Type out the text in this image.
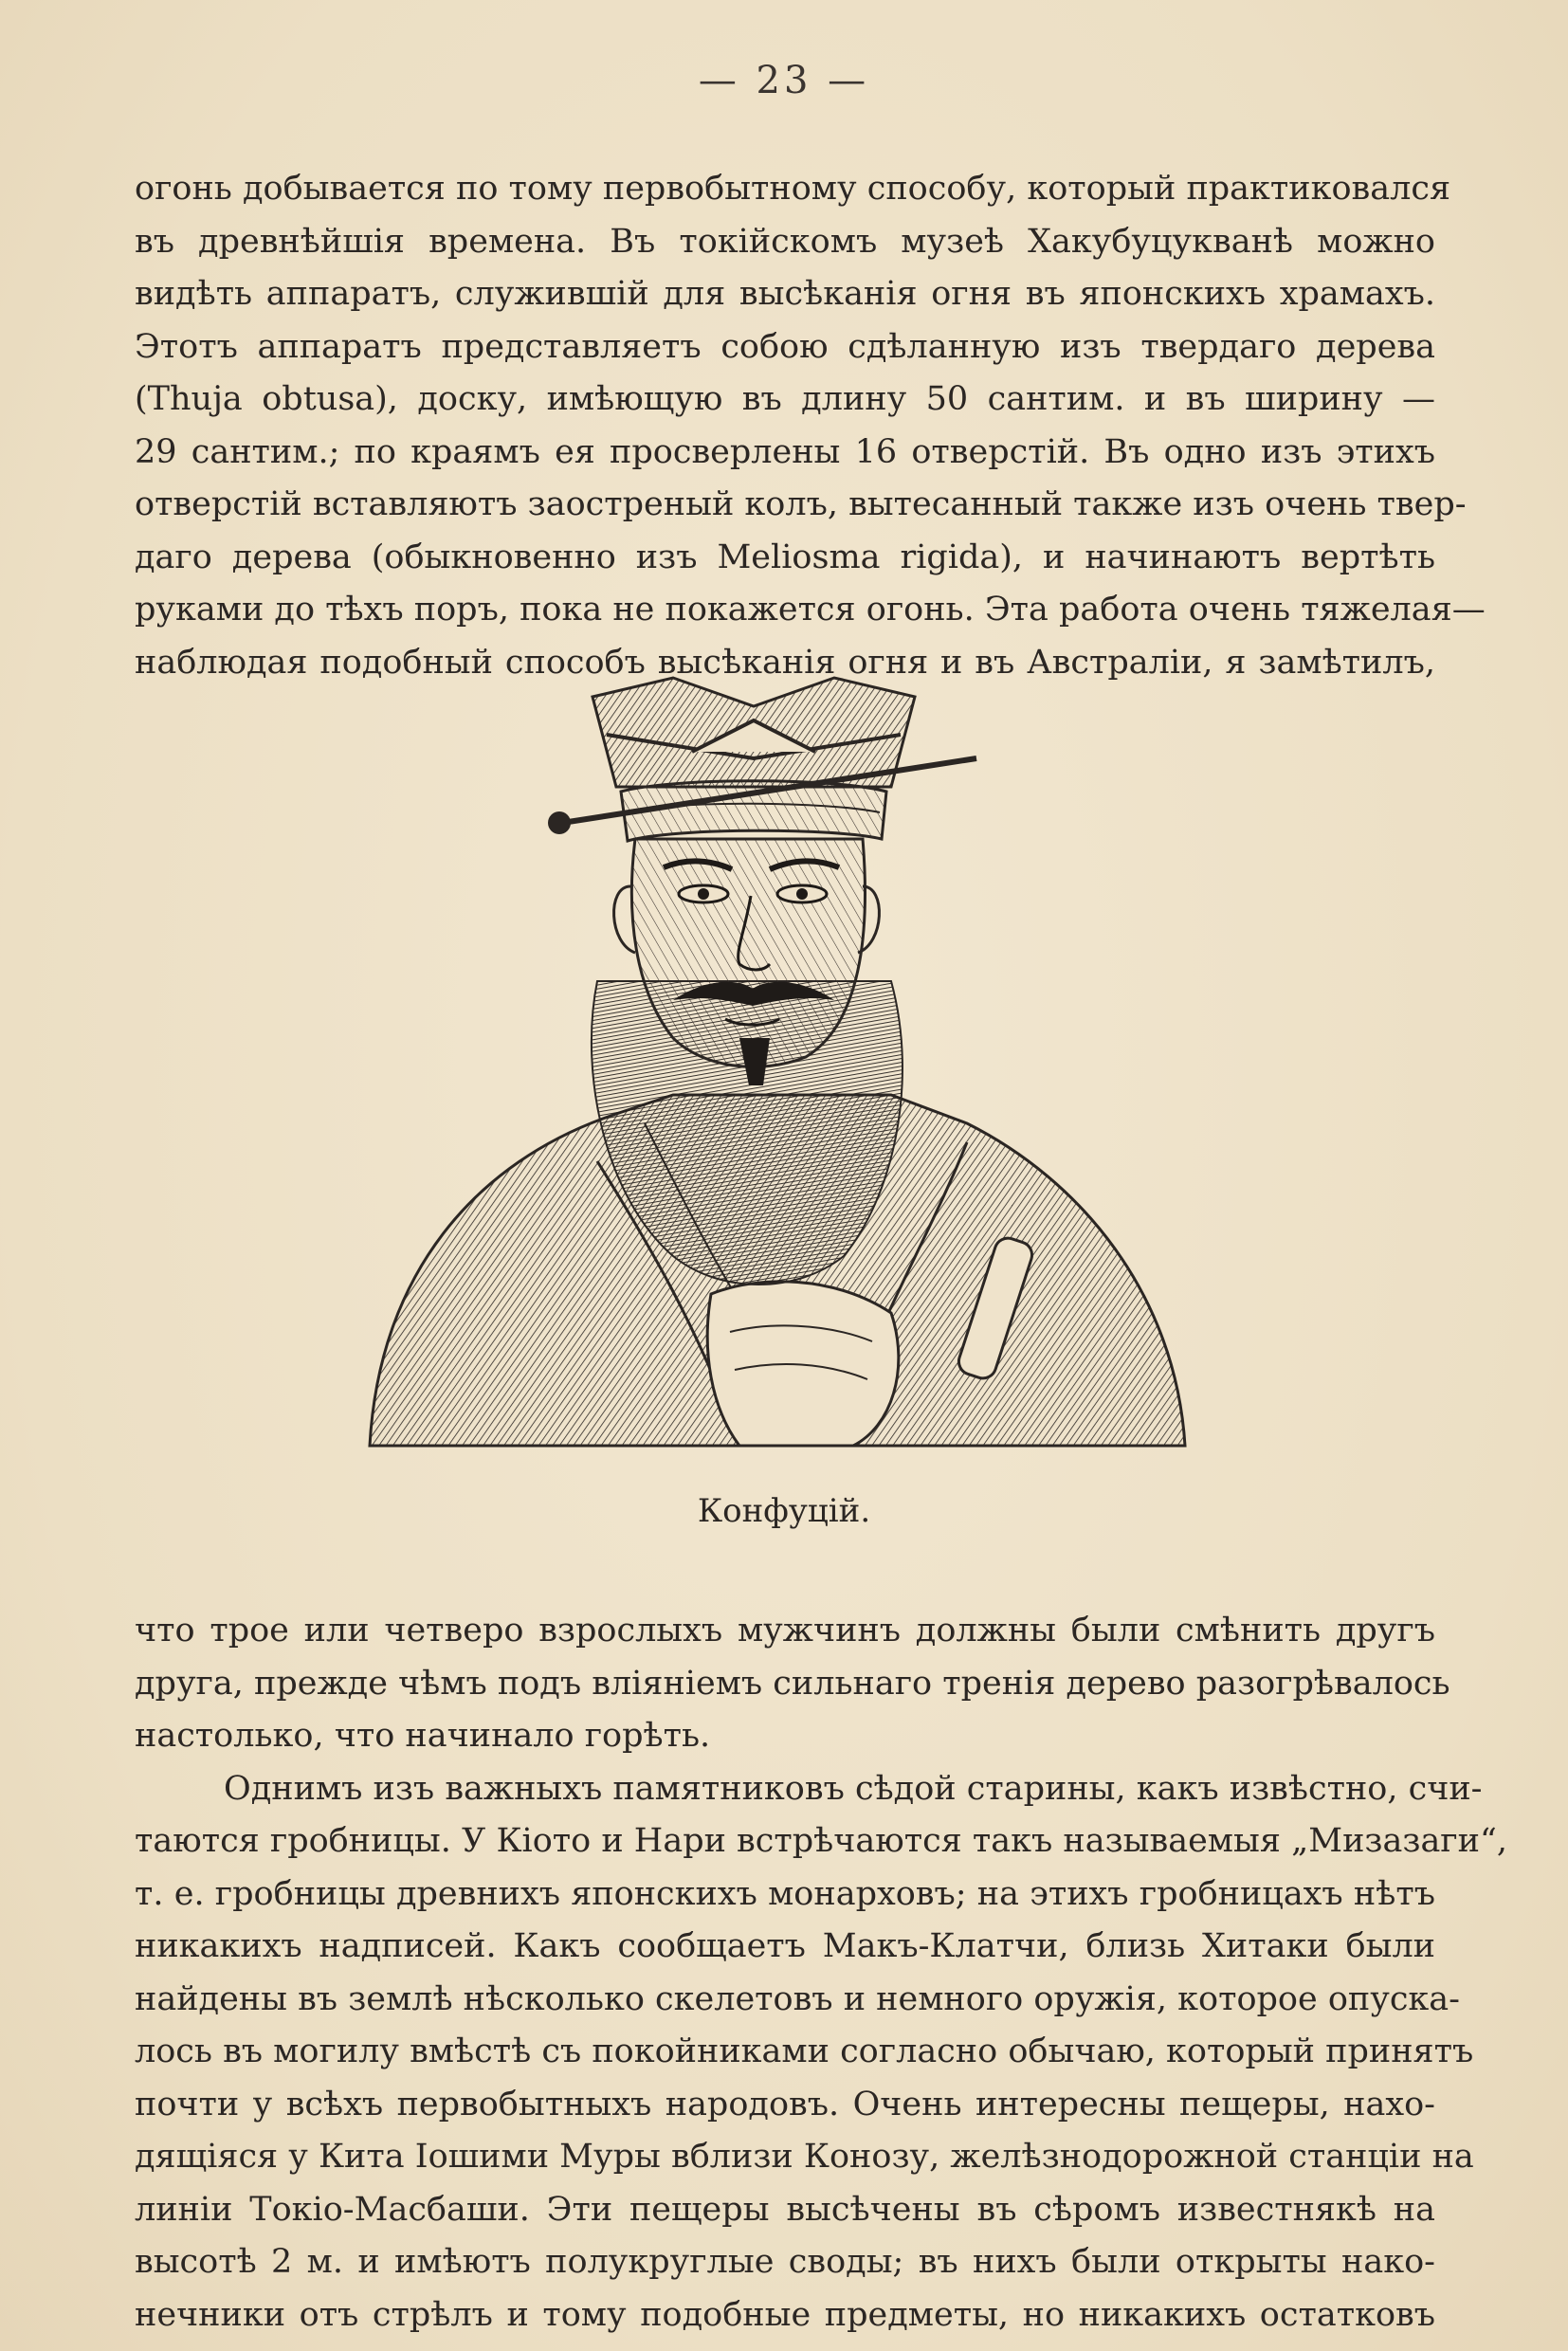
— 23 —

огонь добывается по тому первобытному способу, который практиковался
въ древнѣйшія времена. Въ токійскомъ музеѣ Хакубуцукванѣ можно
видѣть аппаратъ, служившій для высѣканія огня въ японскихъ храмахъ.
Этотъ аппаратъ представляетъ собою сдѣланную изъ твердаго дерева
(Thuja obtusa), доску, имѣющую въ длину 50 сантим. и въ ширину —
29 сантим.; по краямъ ея просверлены 16 отверстій. Въ одно изъ этихъ
отверстій вставляютъ заостреный колъ, вытесанный также изъ очень твер-
даго дерева (обыкновенно изъ Meliosma rigida), и начинаютъ вертѣть
руками до тѣхъ поръ, пока не покажется огонь. Эта работа очень тяжелая—
наблюдая подобный способъ высѣканія огня и въ Австраліи, я замѣтилъ,

Конфуцій.

что трое или четверо взрослыхъ мужчинъ должны были смѣнить другъ
друга, прежде чѣмъ подъ вліяніемъ сильнаго тренія дерево разогрѣвалось
настолько, что начинало горѣть.
Однимъ изъ важныхъ памятниковъ сѣдой старины, какъ извѣстно, счи-
таются гробницы. У Кіото и Нари встрѣчаются такъ называемыя „Мизазаги“,
т. е. гробницы древнихъ японскихъ монарховъ; на этихъ гробницахъ нѣтъ
никакихъ надписей. Какъ сообщаетъ Макъ-Клатчи, близь Хитаки были
найдены въ землѣ нѣсколько скелетовъ и немного оружія, которое опуска-
лось въ могилу вмѣстѣ съ покойниками согласно обычаю, который принятъ
почти у всѣхъ первобытныхъ народовъ. Очень интересны пещеры, нахо-
дящіяся у Кита Іошими Муры вблизи Конозу, желѣзнодорожной станціи на
линіи Токіо-Масбаши. Эти пещеры высѣчены въ сѣромъ известнякѣ на
высотѣ 2 м. и имѣютъ полукруглые своды; въ нихъ были открыты нако-
нечники отъ стрѣлъ и тому подобные предметы, но никакихъ остатковъ
